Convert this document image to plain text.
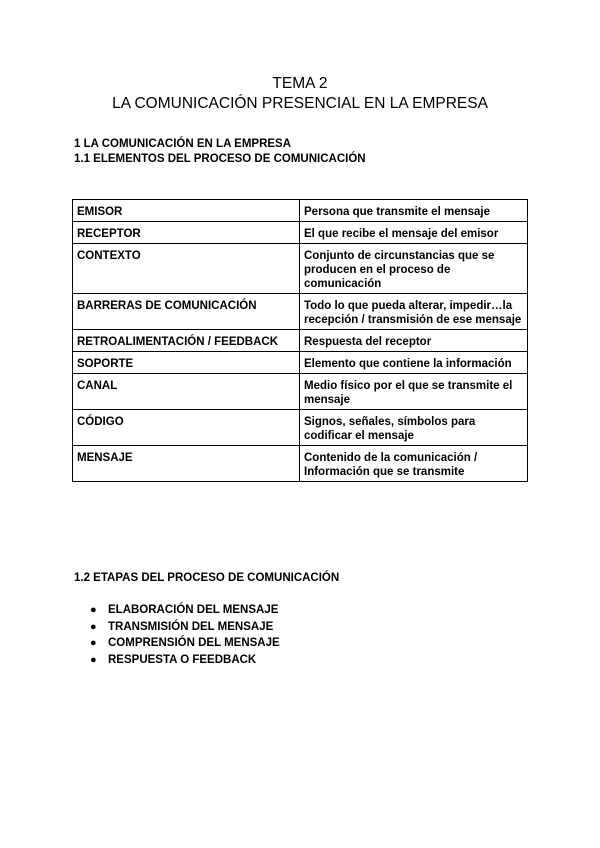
TEMA 2
LA COMUNICACIÓN PRESENCIAL EN LA EMPRESA
1 LA COMUNICACIÓN EN LA EMPRESA
1.1 ELEMENTOS DEL PROCESO DE COMUNICACIÓN
EMISOR	Persona que transmite el mensaje
RECEPTOR	El que recibe el mensaje del emisor
CONTEXTO	Conjunto de circunstancias que se producen en el proceso de comunicación
BARRERAS DE COMUNICACIÓN	Todo lo que pueda alterar, impedir…la recepción / transmisión de ese mensaje
RETROALIMENTACIÓN / FEEDBACK	Respuesta del receptor
SOPORTE	Elemento que contiene la información
CANAL	Medio físico por el que se transmite el mensaje
CÓDIGO	Signos, señales, símbolos para codificar el mensaje
MENSAJE	Contenido de la comunicación / Información que se transmite
1.2 ETAPAS DEL PROCESO DE COMUNICACIÓN
● ELABORACIÓN DEL MENSAJE
● TRANSMISIÓN DEL MENSAJE
● COMPRENSIÓN DEL MENSAJE
● RESPUESTA O FEEDBACK
